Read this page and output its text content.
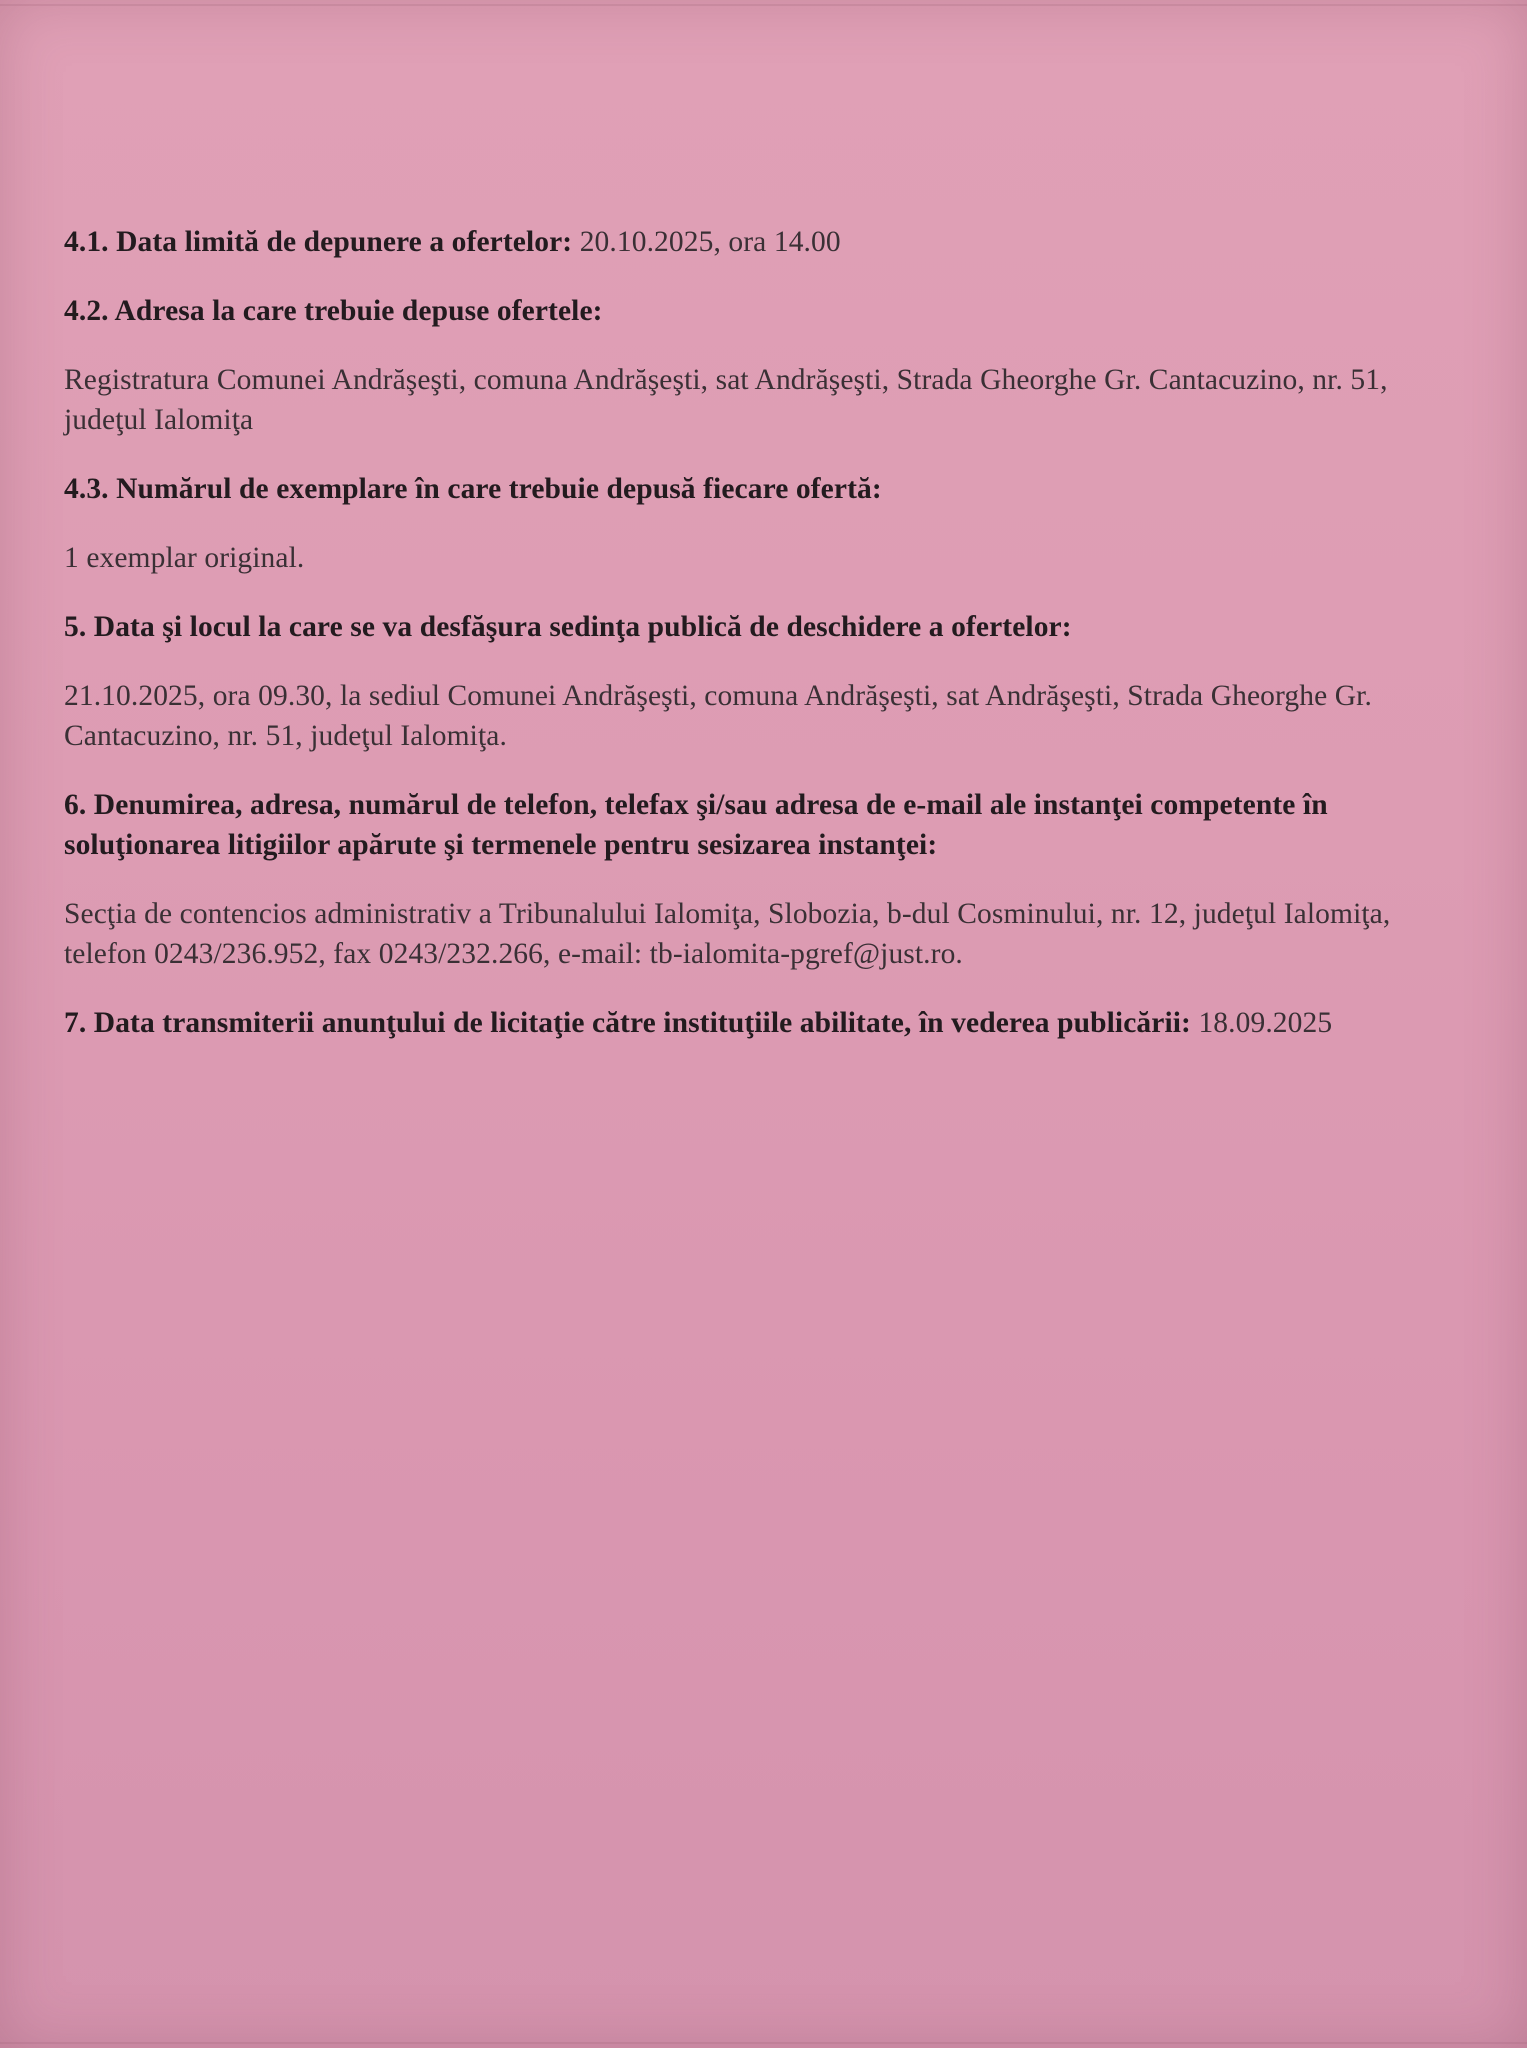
4.1. Data limită de depunere a ofertelor: 20.10.2025, ora 14.00

4.2. Adresa la care trebuie depuse ofertele:

Registratura Comunei Andrăşeşti, comuna Andrăşeşti, sat Andrăşeşti, Strada Gheorghe Gr. Cantacuzino, nr. 51,

judeţul Ialomiţa

4.3. Numărul de exemplare în care trebuie depusă fiecare ofertă:

1 exemplar original.

5. Data şi locul la care se va desfăşura sedinţa publică de deschidere a ofertelor:

21.10.2025, ora 09.30, la sediul Comunei Andrăşeşti, comuna Andrăşeşti, sat Andrăşeşti, Strada Gheorghe Gr.

Cantacuzino, nr. 51, judeţul Ialomiţa.

6. Denumirea, adresa, numărul de telefon, telefax şi/sau adresa de e-mail ale instanţei competente în

soluţionarea litigiilor apărute şi termenele pentru sesizarea instanţei:

Secţia de contencios administrativ a Tribunalului Ialomiţa, Slobozia, b-dul Cosminului, nr. 12, judeţul Ialomiţa,

telefon 0243/236.952, fax 0243/232.266, e-mail: tb-ialomita-pgref@just.ro.

7. Data transmiterii anunţului de licitaţie către instituţiile abilitate, în vederea publicării: 18.09.2025
